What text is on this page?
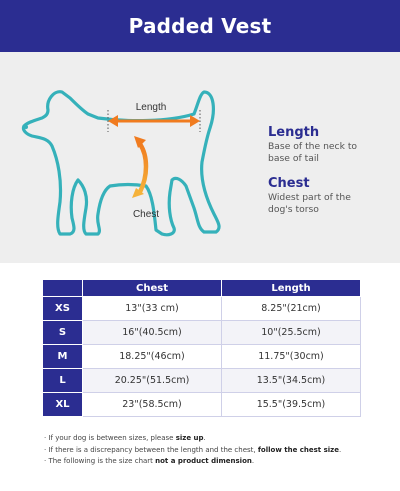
Padded Vest
Length
Chest
Length
Base of the neck to
base of tail
Chest
Widest part of the
dog's torso
	Chest	Length
XS	13"(33 cm)	8.25"(21cm)
S	16"(40.5cm)	10"(25.5cm)
M	18.25"(46cm)	11.75"(30cm)
L	20.25"(51.5cm)	13.5"(34.5cm)
XL	23"(58.5cm)	15.5"(39.5cm)
· If your dog is between sizes, please size up.
· If there is a discrepancy between the length and the chest, follow the chest size.
· The following is the size chart not a product dimension.
